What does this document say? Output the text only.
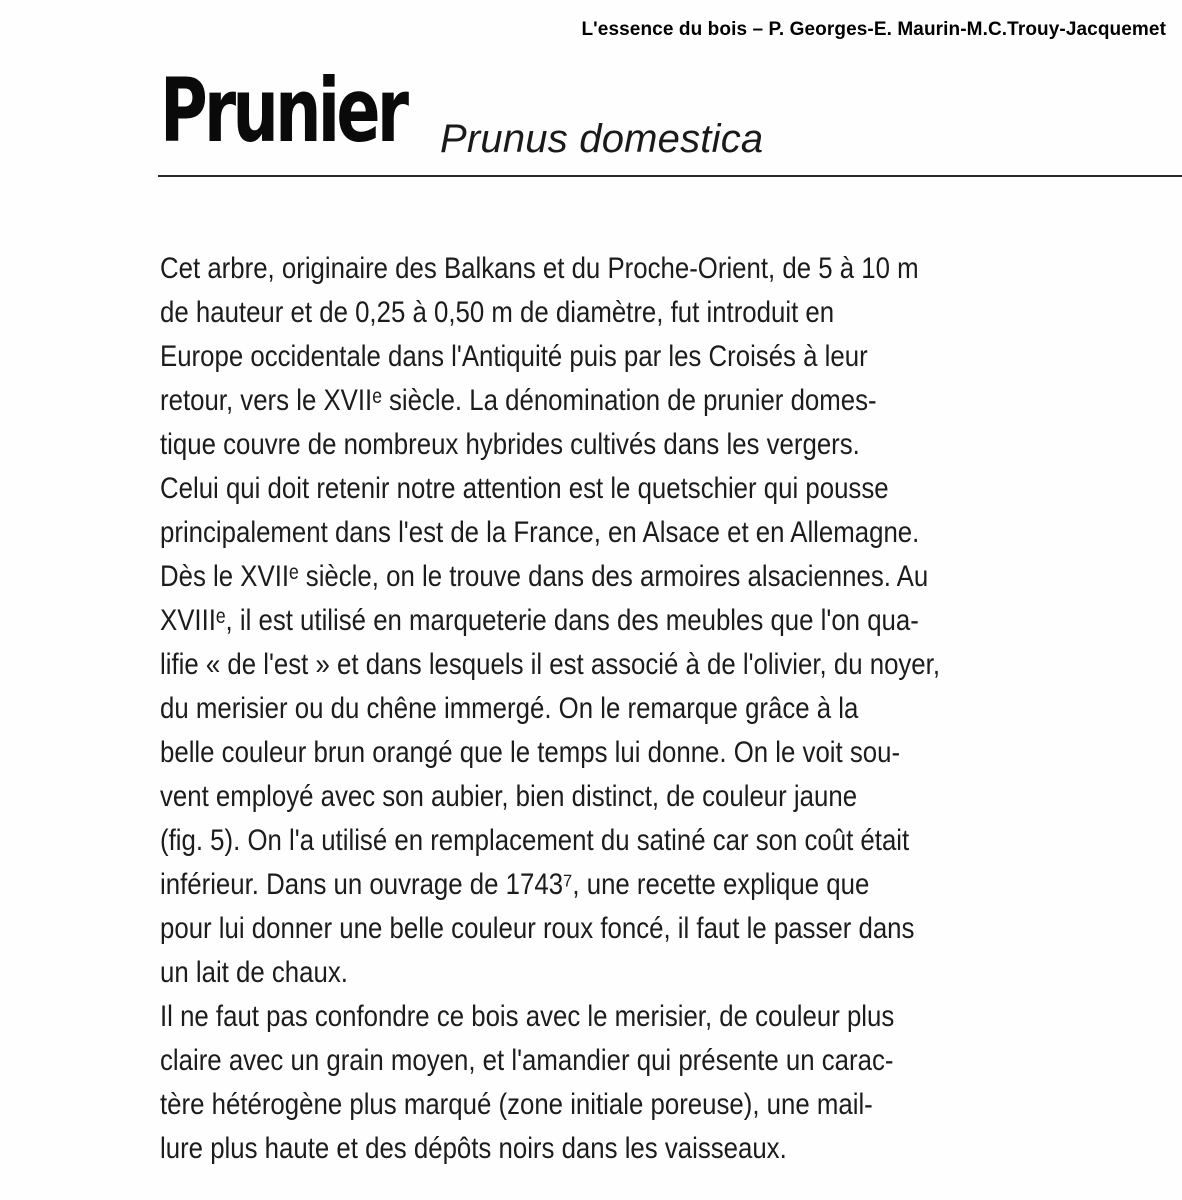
L'essence du bois – P. Georges-E. Maurin-M.C.Trouy-Jacquemet
Prunier Prunus domestica
Cet arbre, originaire des Balkans et du Proche-Orient, de 5 à 10 m
de hauteur et de 0,25 à 0,50 m de diamètre, fut introduit en
Europe occidentale dans l'Antiquité puis par les Croisés à leur
retour, vers le XVIIᵉ siècle. La dénomination de prunier domes-
tique couvre de nombreux hybrides cultivés dans les vergers.
Celui qui doit retenir notre attention est le quetschier qui pousse
principalement dans l'est de la France, en Alsace et en Allemagne.
Dès le XVIIᵉ siècle, on le trouve dans des armoires alsaciennes. Au
XVIIIᵉ, il est utilisé en marqueterie dans des meubles que l'on qua-
lifie « de l'est » et dans lesquels il est associé à de l'olivier, du noyer,
du merisier ou du chêne immergé. On le remarque grâce à la
belle couleur brun orangé que le temps lui donne. On le voit sou-
vent employé avec son aubier, bien distinct, de couleur jaune
(fig. 5). On l'a utilisé en remplacement du satiné car son coût était
inférieur. Dans un ouvrage de 1743⁷, une recette explique que
pour lui donner une belle couleur roux foncé, il faut le passer dans
un lait de chaux.
Il ne faut pas confondre ce bois avec le merisier, de couleur plus
claire avec un grain moyen, et l'amandier qui présente un carac-
tère hétérogène plus marqué (zone initiale poreuse), une mail-
lure plus haute et des dépôts noirs dans les vaisseaux.
